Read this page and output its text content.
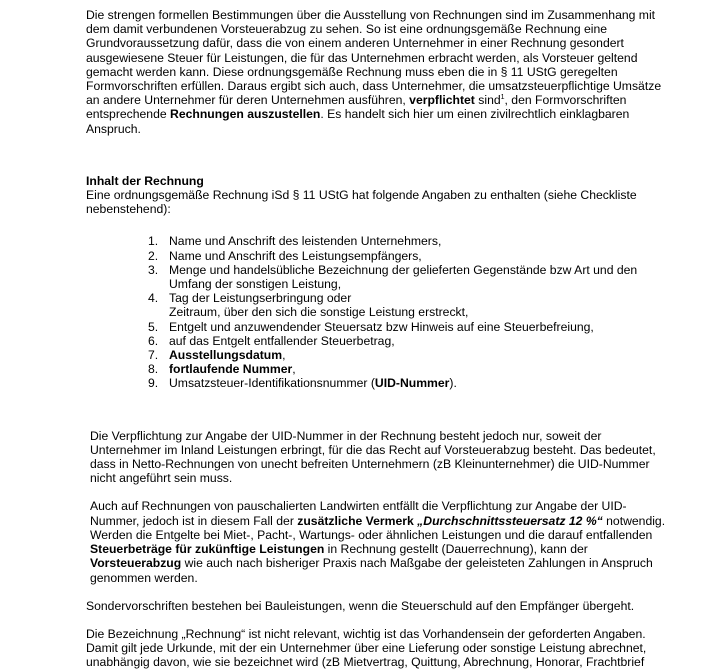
Die strengen formellen Bestimmungen über die Ausstellung von Rechnungen sind im Zusammenhang mit dem damit verbundenen Vorsteuerabzug zu sehen. So ist eine ordnungsgemäße Rechnung eine Grundvoraussetzung dafür, dass die von einem anderen Unternehmer in einer Rechnung gesondert ausgewiesene Steuer für Leistungen, die für das Unternehmen erbracht werden, als Vorsteuer geltend gemacht werden kann. Diese ordnungsgemäße Rechnung muss eben die in § 11 UStG geregelten Formvorschriften erfüllen. Daraus ergibt sich auch, dass Unternehmer, die umsatzsteuerpflichtige Umsätze an andere Unternehmer für deren Unternehmen ausführen, verpflichtet sind$^1$, den Formvorschriften entsprechende Rechnungen auszustellen. Es handelt sich hier um einen zivilrechtlich einklagbaren Anspruch.

Inhalt der Rechnung

Eine ordnungsgemäße Rechnung iSd § 11 UStG hat folgende Angaben zu enthalten (siehe Checkliste nebenstehend):

1. Name und Anschrift des leistenden Unternehmers,
2. Name und Anschrift des Leistungsempfängers,
3. Menge und handelsübliche Bezeichnung der gelieferten Gegenstände bzw Art und den Umfang der sonstigen Leistung,
4. Tag der Leistungserbringung oder
Zeitraum, über den sich die sonstige Leistung erstreckt,
5. Entgelt und anzuwendender Steuersatz bzw Hinweis auf eine Steuerbefreiung,
6. auf das Entgelt entfallender Steuerbetrag,
7. Ausstellungsdatum,
8. fortlaufende Nummer,
9. Umsatzsteuer-Identifikationsnummer (UID-Nummer).

Die Verpflichtung zur Angabe der UID-Nummer in der Rechnung besteht jedoch nur, soweit der Unternehmer im Inland Leistungen erbringt, für die das Recht auf Vorsteuerabzug besteht. Das bedeutet, dass in Netto-Rechnungen von unecht befreiten Unternehmern (zB Kleinunternehmer) die UID-Nummer nicht angeführt sein muss.

Auch auf Rechnungen von pauschalierten Landwirten entfällt die Verpflichtung zur Angabe der UID-Nummer, jedoch ist in diesem Fall der zusätzliche Vermerk „Durchschnittssteuersatz 12 %“ notwendig.

Werden die Entgelte bei Miet-, Pacht-, Wartungs- oder ähnlichen Leistungen und die darauf entfallenden Steuerbeträge für zukünftige Leistungen in Rechnung gestellt (Dauerrechnung), kann der Vorsteuerabzug wie auch nach bisheriger Praxis nach Maßgabe der geleisteten Zahlungen in Anspruch genommen werden.

Sondervorschriften bestehen bei Bauleistungen, wenn die Steuerschuld auf den Empfänger übergeht.

Die Bezeichnung „Rechnung“ ist nicht relevant, wichtig ist das Vorhandensein der geforderten Angaben. Damit gilt jede Urkunde, mit der ein Unternehmer über eine Lieferung oder sonstige Leistung abrechnet, unabhängig davon, wie sie bezeichnet wird (zB Mietvertrag, Quittung, Abrechnung, Honorar, Frachtbrief
